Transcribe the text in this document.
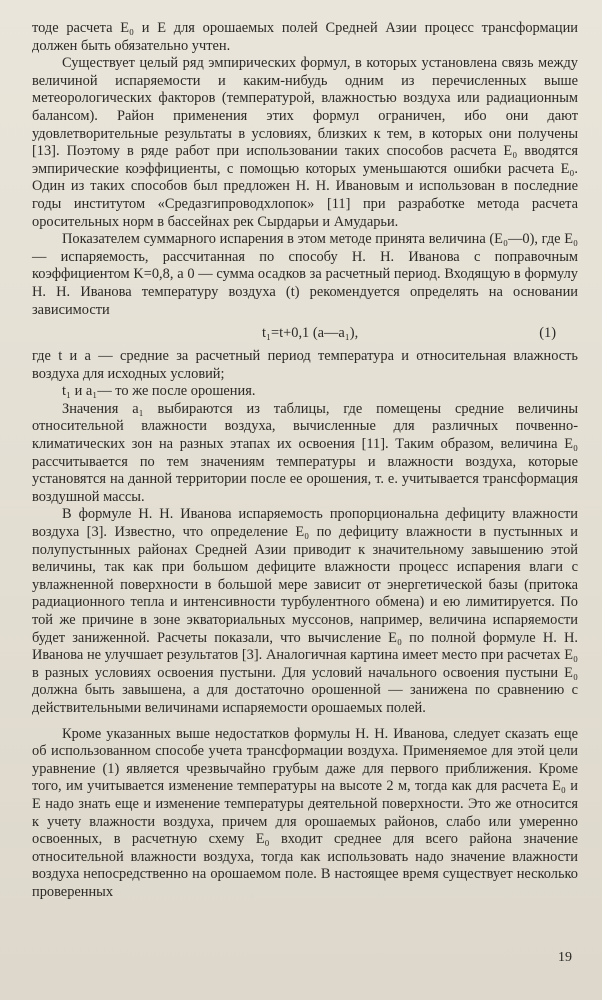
тоде расчета E₀ и E для орошаемых полей Средней Азии процесс трансформации должен быть обязательно учтен.

Существует целый ряд эмпирических формул, в которых установлена связь между величиной испаряемости и каким-нибудь одним из перечисленных выше метеорологических факторов (температурой, влажностью воздуха или радиационным балансом). Район применения этих формул ограничен, ибо они дают удовлетворительные результаты в условиях, близких к тем, в которых они получены [13]. Поэтому в ряде работ при использовании таких способов расчета E₀ вводятся эмпирические коэффициенты, с помощью которых уменьшаются ошибки расчета E₀. Один из таких способов был предложен Н. Н. Ивановым и использован в последние годы институтом «Средазгипроводхлопок» [11] при разработке метода расчета оросительных норм в бассейнах рек Сырдарьи и Амударьи.

Показателем суммарного испарения в этом методе принята величина (E₀—0), где E₀— испаряемость, рассчитанная по способу Н. Н. Иванова с поправочным коэффициентом K=0,8, а 0 — сумма осадков за расчетный период. Входящую в формулу Н. Н. Иванова температуру воздуха (t) рекомендуется определять на основании зависимости

t₁=t+0,1 (a—a₁),	(1)

где t и a — средние за расчетный период температура и относительная влажность воздуха для исходных условий;

t₁ и a₁— то же после орошения.

Значения a₁ выбираются из таблицы, где помещены средние величины относительной влажности воздуха, вычисленные для различных почвенно-климатических зон на разных этапах их освоения [11]. Таким образом, величина E₀ рассчитывается по тем значениям температуры и влажности воздуха, которые установятся на данной территории после ее орошения, т. е. учитывается трансформация воздушной массы.

В формуле Н. Н. Иванова испаряемость пропорциональна дефициту влажности воздуха [3]. Известно, что определение E₀ по дефициту влажности в пустынных и полупустынных районах Средней Азии приводит к значительному завышению этой величины, так как при большом дефиците влажности процесс испарения влаги с увлажненной поверхности в большой мере зависит от энергетической базы (притока радиационного тепла и интенсивности турбулентного обмена) и ею лимитируется. По той же причине в зоне экваториальных муссонов, например, величина испаряемости будет заниженной. Расчеты показали, что вычисление E₀ по полной формуле Н. Н. Иванова не улучшает результатов [3]. Аналогичная картина имеет место при расчетах E₀ в разных условиях освоения пустыни. Для условий начального освоения пустыни E₀ должна быть завышена, а для достаточно орошенной — занижена по сравнению с действительными величинами испаряемости орошаемых полей.

Кроме указанных выше недостатков формулы Н. Н. Иванова, следует сказать еще об использованном способе учета трансформации воздуха. Применяемое для этой цели уравнение (1) является чрезвычайно грубым даже для первого приближения. Кроме того, им учитывается изменение температуры на высоте 2 м, тогда как для расчета E₀ и E надо знать еще и изменение температуры деятельной поверхности. Это же относится к учету влажности воздуха, причем для орошаемых районов, слабо или умеренно освоенных, в расчетную схему E₀ входит среднее для всего района значение относительной влажности воздуха, тогда как использовать надо значение влажности воздуха непосредственно на орошаемом поле. В настоящее время существует несколько проверенных

19
